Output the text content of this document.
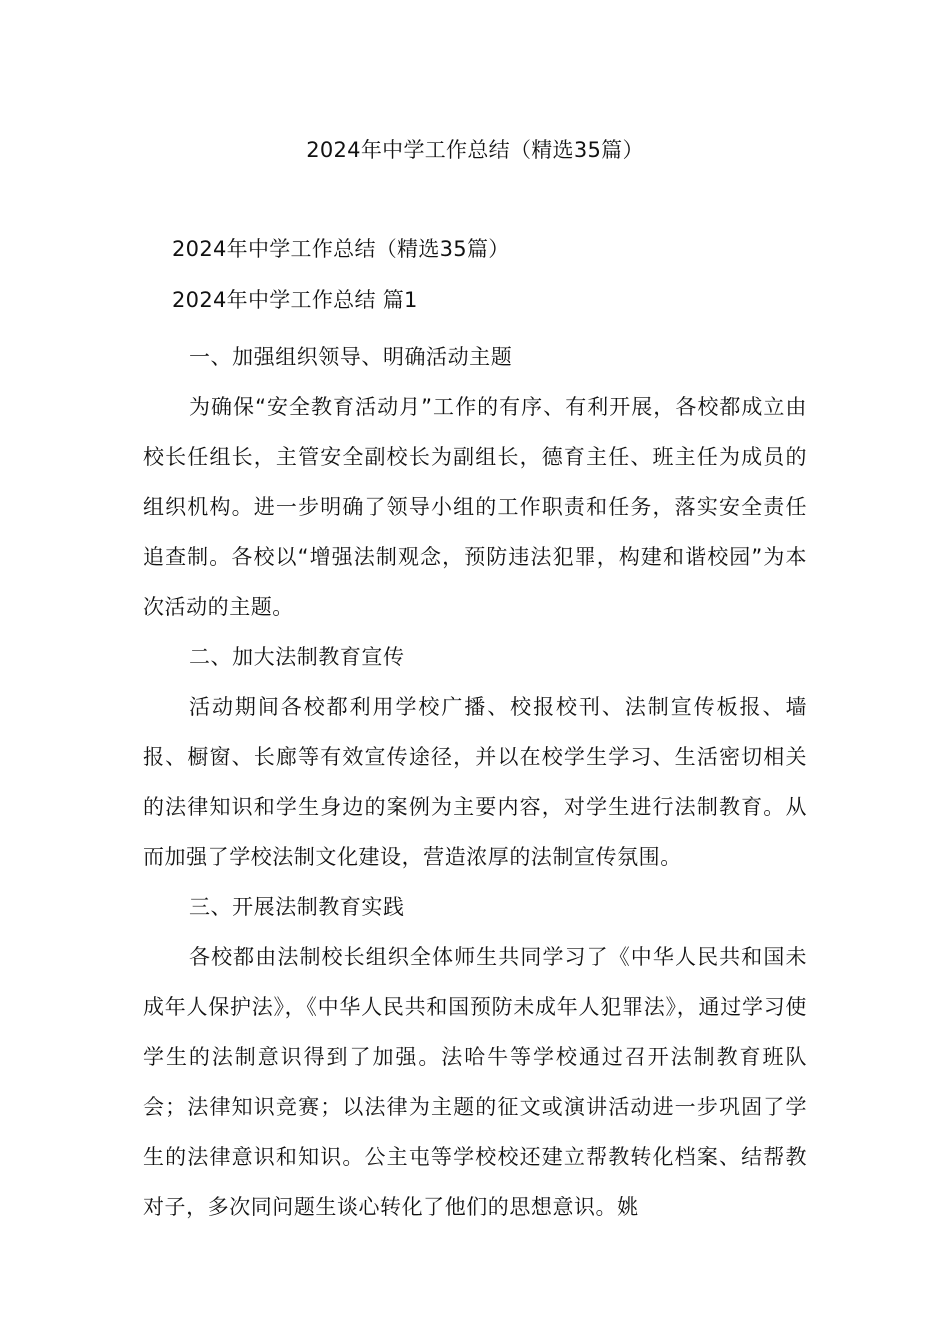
2024年中学工作总结（精选35篇）
2024年中学工作总结（精选35篇）
2024年中学工作总结 篇1

一、加强组织领导、明确活动主题

为确保“安全教育活动月”工作的有序、有利开展，各校都成立由校长任组长，主管安全副校长为副组长，德育主任、班主任为成员的组织机构。进一步明确了领导小组的工作职责和任务，落实安全责任追查制。各校以“增强法制观念，预防违法犯罪，构建和谐校园”为本次活动的主题。

二、加大法制教育宣传

活动期间各校都利用学校广播、校报校刊、法制宣传板报、墙报、橱窗、长廊等有效宣传途径，并以在校学生学习、生活密切相关的法律知识和学生身边的案例为主要内容，对学生进行法制教育。从而加强了学校法制文化建设，营造浓厚的法制宣传氛围。

三、开展法制教育实践

各校都由法制校长组织全体师生共同学习了《中华人民共和国未成年人保护法》，《中华人民共和国预防未成年人犯罪法》，通过学习使学生的法制意识得到了加强。法哈牛等学校通过召开法制教育班队会；法律知识竞赛；以法律为主题的征文或演讲活动进一步巩固了学生的法律意识和知识。公主屯等学校校还建立帮教转化档案、结帮教对子，多次同问题生谈心转化了他们的思想意识。姚
